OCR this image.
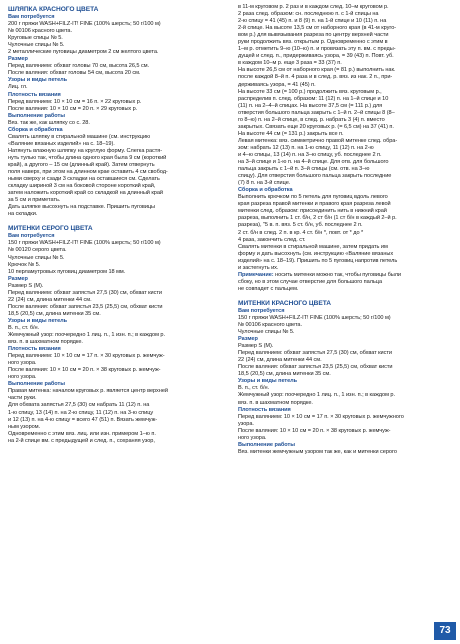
ШЛЯПКА КРАСНОГО ЦВЕТА

Вам потребуется

200 г пряжи WASH+FILZ-IT! FINE (100% шерсть; 50 г/100 м)

№ 00106 красного цвета.

Круговые спицы № 5.

Чулочные спицы № 5.

2 металлические пуговицы диаметром 2 см желтого цвета.

Размер

Перед валянием: обхват головы 70 см, высота 26,5 см.

После валяния: обхват головы 54 см, высота 20 см.

Узоры и виды петель

Лиц. гл.

Плотность вязания

Перед валянием: 10 × 10 см = 16 п. × 22 круговых р.

После валяния: 10 × 10 см = 20 п. × 29 круговых р.

Выполнение работы

Вяз. так же, как шляпку со с. 28.

Сборка и обработка

Свалять шляпку в стиральной машине (см. инструкцию

«Валяние вязаных изделий» на с. 18–19).

Натянуть влажную шляпку на круглую форму. Слегка растя-

нуть тулью так, чтобы длина одного края была 9 см (короткий

край), а другого – 15 см (длинный край). Затем отвернуть

поля наверх, при этом на длинном крае оставить 4 см свобод-

ными сверху и сзади 3 складки на оставшиеся см. Сделать

складку шириной 3 см на боковой стороне короткий край,

затем наложить короткий край со складкой на длинный край

за 5 см и приметать.

Дать шляпке высохнуть на подставке. Пришить пуговицы

на складки.

МИТЕНКИ СЕРОГО ЦВЕТА

Вам потребуется

150 г пряжи WASH+FILZ-IT! FINE (100% шерсть; 50 г/100 м)

№ 00120 серого цвета.

Чулочные спицы № 5.

Крючок № 5.

10 перламутровых пуговиц диаметром 18 мм.

Размер

Размер S (M).

Перед валянием: обхват запястья 27,5 (30) см, обхват кисти

22 (24) см, длина митенки 44 см.

После валяния: обхват запястья 23,5 (25,5) см, обхват кисти

18,5 (20,5) см, длина митенки 35 см.

Узоры и виды петель

В. п., ст. б/н.

Жемчужный узор: поочередно 1 лиц. п., 1 изн. п.; в каждом р.

вяз. п. в шахматном порядке.

Плотность вязания

Перед валянием: 10 × 10 см = 17 п. × 30 круговых р. жемчуж-

ного узора.

После валяния: 10 × 10 см = 20 п. × 38 круговых р. жемчуж-

ного узора.

Выполнение работы

Правая митенка: началом круговых р. является центр верхней

части руки.

Для обхвата запястья 27,5 (30) см набрать 11 (12) п. на

1-ю спицу, 13 (14) п. на 2-ю спицу, 11 (12) п. на 3-ю спицу

и 12 (13) п. на 4-ю спицу = всего 47 (51) п. Вязать жемчуж-

ным узором.

Одновременно с этим вяз. лиц. или изн. примером 1–ю п.

на 2-й спице вм. с предыдущей и след. п., сохраняя узор,

в 11-м круговом р. 2 раз и в каждом след. 10–м круговом р.

2 раза след. образом: сн. последнюю п. с 1-й спицы на

2-ю спицу = 41 (45) п. и 8 (9) п. на 1-й спице и 10 (11) п. на

2-й спице. На высоте 13,5 см от наборного края (в 41-м круго-

вом р.) для вывязывания разреза по центру верхней части

руки продолжить вяз. открытым р. Одновременно с этим в

1–м р. отметить 9–ю (10–ю) п. и провязать эту п. вм. с преды-

дущей и след. п., придерживаясь узора, = 39 (43) п. Повт. уб.

в каждом 10–м р. еще 3 раза = 33 (37) п.

На высоте 26,5 см от наборного края (= 81 р.) выполнить нак.

после каждой 8–й п. 4 раза и в след. р. вяз. из нак. 2 п., при-

держиваясь узора, = 41 (45) п.

На высоте 33 см (= 100 р.) продолжить вяз. круговым р.,

распределив п. след. образом: 11 (12) п. на 1–й спице и 10

(11) п. на 2–4–й спицах. На высоте 37,5 см (= 111 р.) для

отверстия большого пальца закрыть с 1–й п. 2–й спицы 8 (8–

го 8–ю) п. на 2–й спице, в след. р. набрать 3 (4) п. вместо

закрытых. Связать еще 20 круговых р. (= 6,5 см) на 37 (41) п.

На высоте 44 см (= 131 р.) закрыть все п.

Левая митенка: вяз. симметрично правой митенке след. обра-

зом: набрать 12 (13) п. на 1-ю спицу, 11 (12) п. на 2-ю

и 4–ю спицы, 13 (14) п. на 3–ю спицу, уб. последнее 2 п.

на 3–й спице и 1-ю п. на 4–й спице. Для отв. для большого

пальца закрыть с 1–й п. 3–й спицы (см. отв. на 3–ю

спицу). Для отверстия большого пальца закрыть последние

(7) 8 п. на 3-й спице.

Сборка и обработка

Выполнить крючком по 5 петель для пуговиц вдоль левого

края разреза правой митенки и правого края разреза левой

митенки след. образом: присоединить нить в нижний край

разреза, выполнить 1 ст. б/н, 2 ст б/н (1 ст б/н в каждый 2–й р.

разреза), "5 в. п. вяз. 5 ст. б/н, уб. последнее 2 п.

2 ст. б/н в след. 2 п. в кр. 4 ст. б/н *, повт. от * до *

4 раза, закончить след. ст.

Свалять митенки в стиральной машине, затем придать им

форму и дать высохнуть (см. инструкцию «Валяние вязаных

изделий» на с. 18–19). Пришить по 5 пуговиц напротив петель

и застегнуть их.

Примечание: носить митенки можно так, чтобы пуговицы были

сбоку, но в этом случае отверстие для большого пальца

не совпадет с пальцем.

МИТЕНКИ КРАСНОГО ЦВЕТА

Вам потребуется

150 г пряжи WASH+FILZ-IT! FINE (100% шерсть; 50 г/100 м)

№ 00106 красного цвета.

Чулочные спицы № 5.

Размер

Размер S (M).

Перед валянием: обхват запястья 27,5 (30) см, обхват кисти

22 (24) см, длина митенки 44 см.

После валяния: обхват запястья 23,5 (25,5) см, обхват кисти

18,5 (20,5) см, длина митенки 35 см.

Узоры и виды петель

В. п., ст. б/н.

Жемчужный узор: поочередно 1 лиц. п., 1 изн. п.; в каждом р.

вяз. п. в шахматном порядке.

Плотность вязания

Перед валянием: 10 × 10 см = 17 п. × 30 круговых р. жемчужного

узора.

После валяния: 10 × 10 см = 20 п. × 38 круговых р. жемчуж-

ного узора.

Выполнение работы

Вяз. митенки жемчужным узором так же, как и митенки серого

73
